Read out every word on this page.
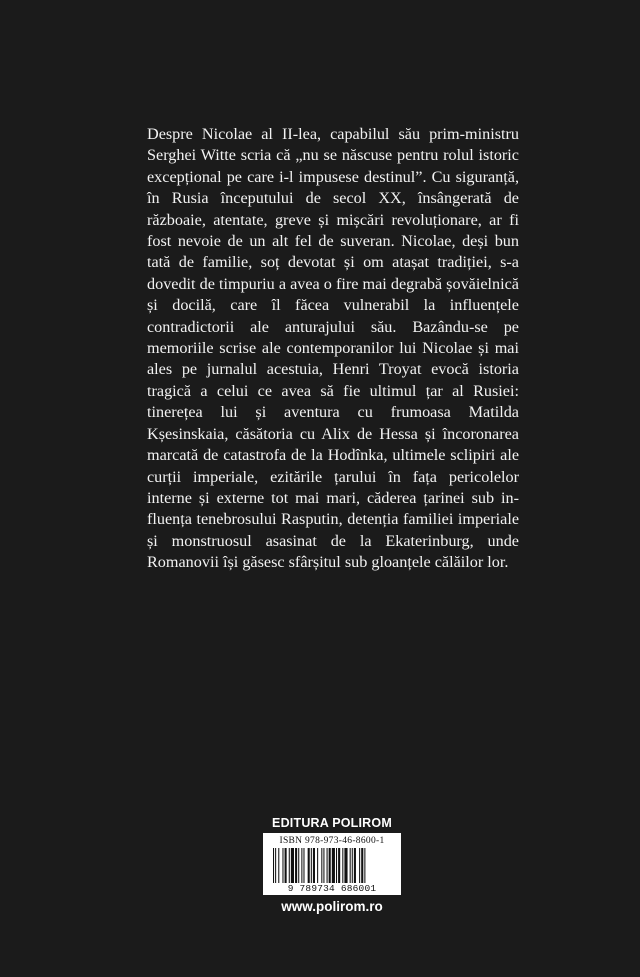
Despre Nicolae al II-lea, capabilul său prim-ministru Serghei Witte scria că „nu se născuse pentru rolul istoric excepțional pe care i-l impusese destinul”. Cu siguranță, în Rusia începutului de secol XX, însângerată de războaie, atentate, greve și mișcări revoluționare, ar fi fost nevoie de un alt fel de suveran. Nicolae, deși bun tată de familie, soț devotat și om atașat tradiției, s-a dovedit de timpuriu a avea o fire mai degrabă șovăielnică și docilă, care îl făcea vulnerabil la influențele contradictorii ale anturajului său. Bazându-se pe memoriile scrise ale contemporanilor lui Nicolae și mai ales pe jurnalul acestuia, Henri Troyat evocă istoria tragică a celui ce avea să fie ultimul țar al Rusiei: tinerețea lui și aventura cu frumoasa Matilda Kșesinskaia, căsătoria cu Alix de Hessa și încoronarea marcată de catastrofa de la Hodînka, ultimele sclipiri ale curții imperiale, ezitările țarului în fața pericolelor interne și externe tot mai mari, căderea țarinei sub influența tenebrosului Rasputin, detenția familiei imperiale și monstruosul asasinat de la Ekaterinburg, unde Romanovii își găsesc sfârșitul sub gloanțele călăilor lor.

EDITURA POLIROM
ISBN 978-973-46-8600-1
9 789734 686001
www.polirom.ro
